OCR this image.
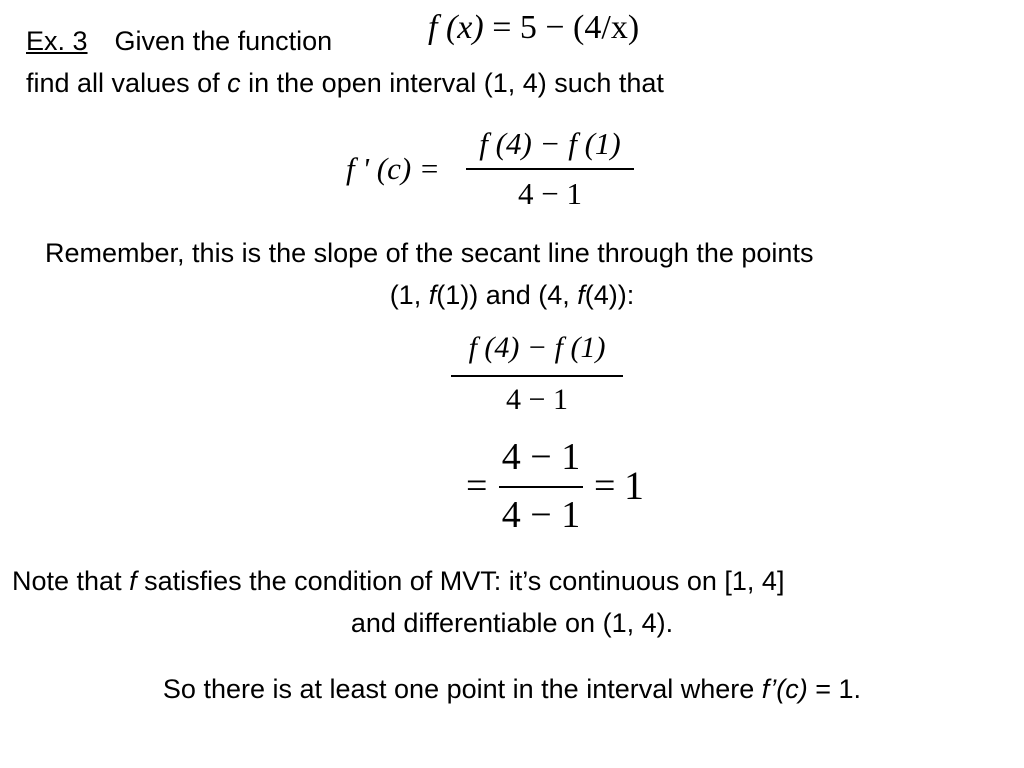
Ex. 3 Given the function	f (x) = 5 − (4/x)
find all values of c in the open interval (1, 4) such that
f ' (c) =
f (4) − f (1)
4 − 1
Remember, this is the slope of the secant line through the points
(1, f(1)) and (4, f(4)):
f (4) − f (1)
4 − 1
=
4 − 1
4 − 1
= 1
Note that f satisfies the condition of MVT: it’s continuous on [1, 4]
and differentiable on (1, 4).
So there is at least one point in the interval where f’(c) = 1.
